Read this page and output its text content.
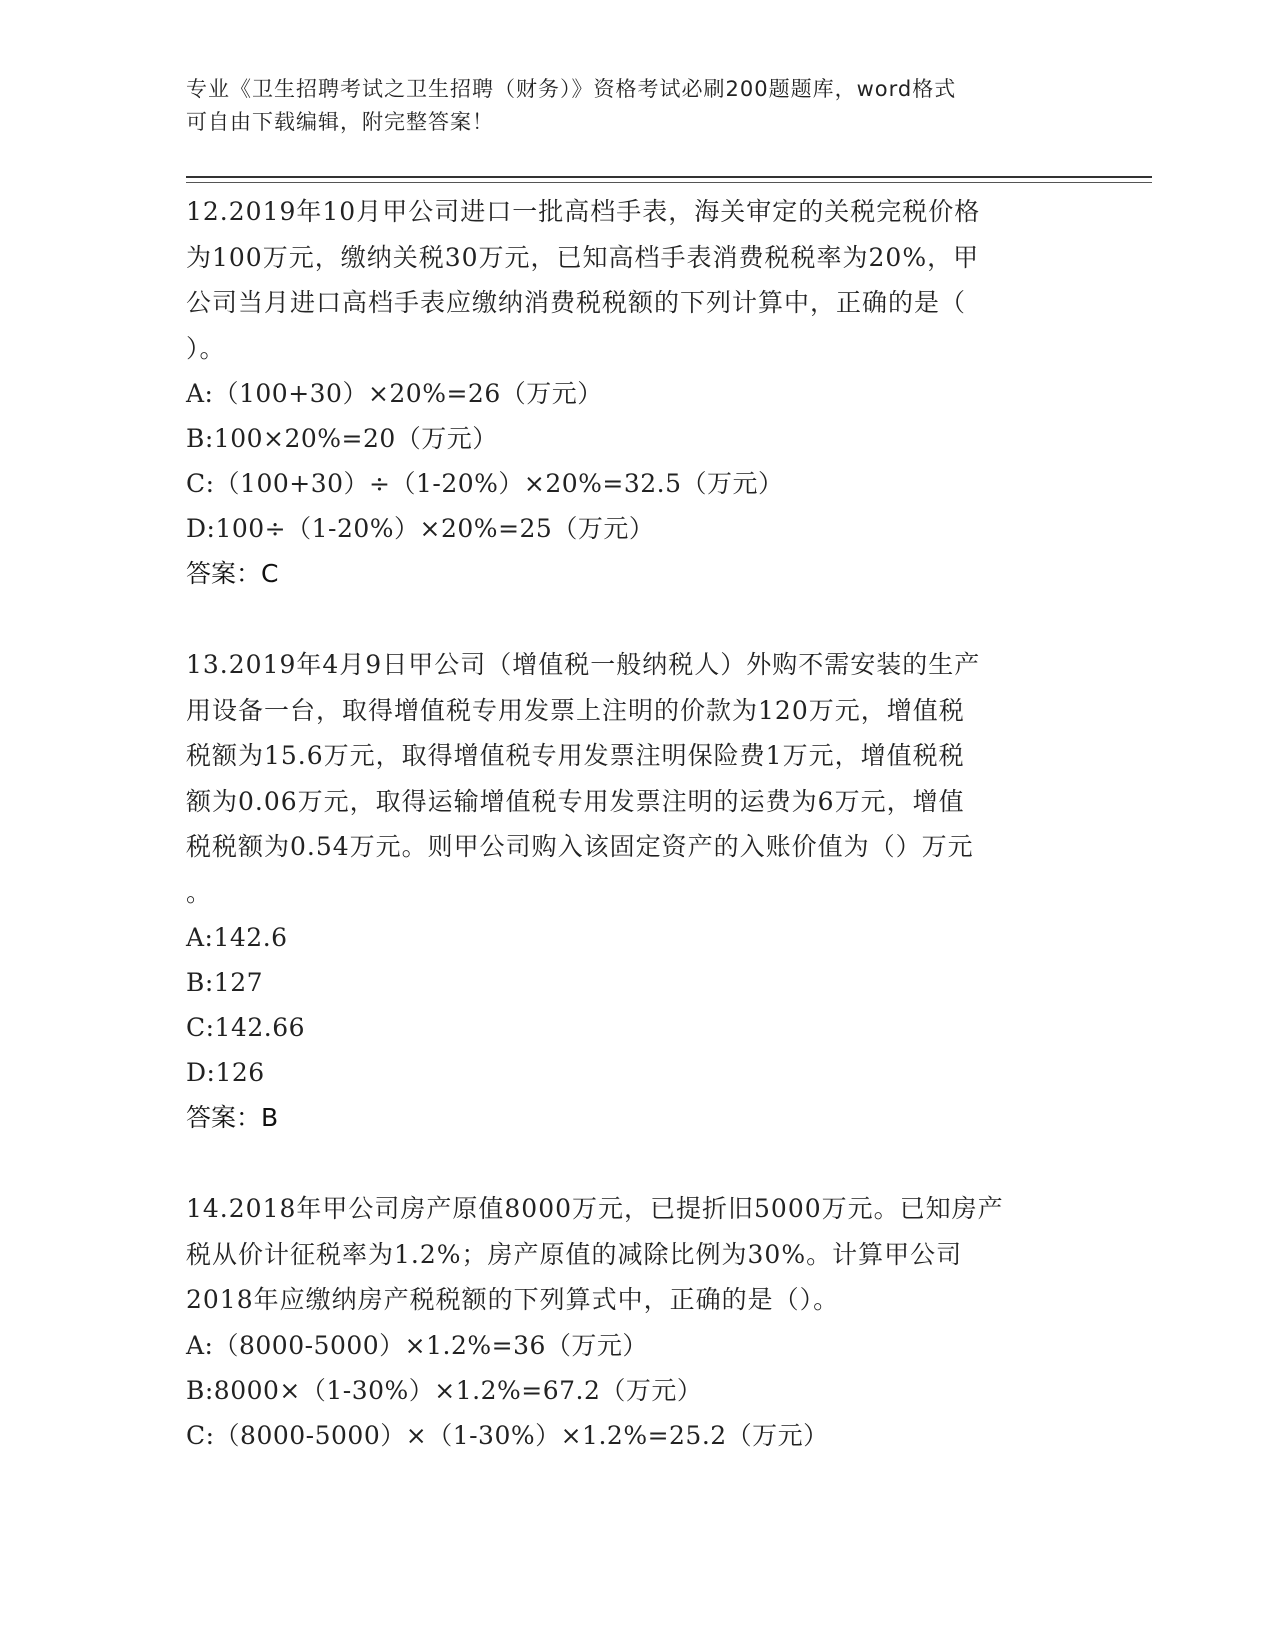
专业《卫生招聘考试之卫生招聘（财务）》资格考试必刷200题题库，word格式
可自由下载编辑，附完整答案！
12.2019年10月甲公司进口一批高档手表，海关审定的关税完税价格
为100万元，缴纳关税30万元，已知高档手表消费税税率为20%，甲
公司当月进口高档手表应缴纳消费税税额的下列计算中，正确的是（
）。
A:（100+30）×20%=26（万元）
B:100×20%=20（万元）
C:（100+30）÷（1-20%）×20%=32.5（万元）
D:100÷（1-20%）×20%=25（万元）
答案：C
13.2019年4月9日甲公司（增值税一般纳税人）外购不需安装的生产
用设备一台，取得增值税专用发票上注明的价款为120万元，增值税
税额为15.6万元，取得增值税专用发票注明保险费1万元，增值税税
额为0.06万元，取得运输增值税专用发票注明的运费为6万元，增值
税税额为0.54万元。则甲公司购入该固定资产的入账价值为（）万元
。
A:142.6
B:127
C:142.66
D:126
答案：B
14.2018年甲公司房产原值8000万元，已提折旧5000万元。已知房产
税从价计征税率为1.2%；房产原值的减除比例为30%。计算甲公司
2018年应缴纳房产税税额的下列算式中，正确的是（）。
A:（8000-5000）×1.2%=36（万元）
B:8000×（1-30%）×1.2%=67.2（万元）
C:（8000-5000）×（1-30%）×1.2%=25.2（万元）
